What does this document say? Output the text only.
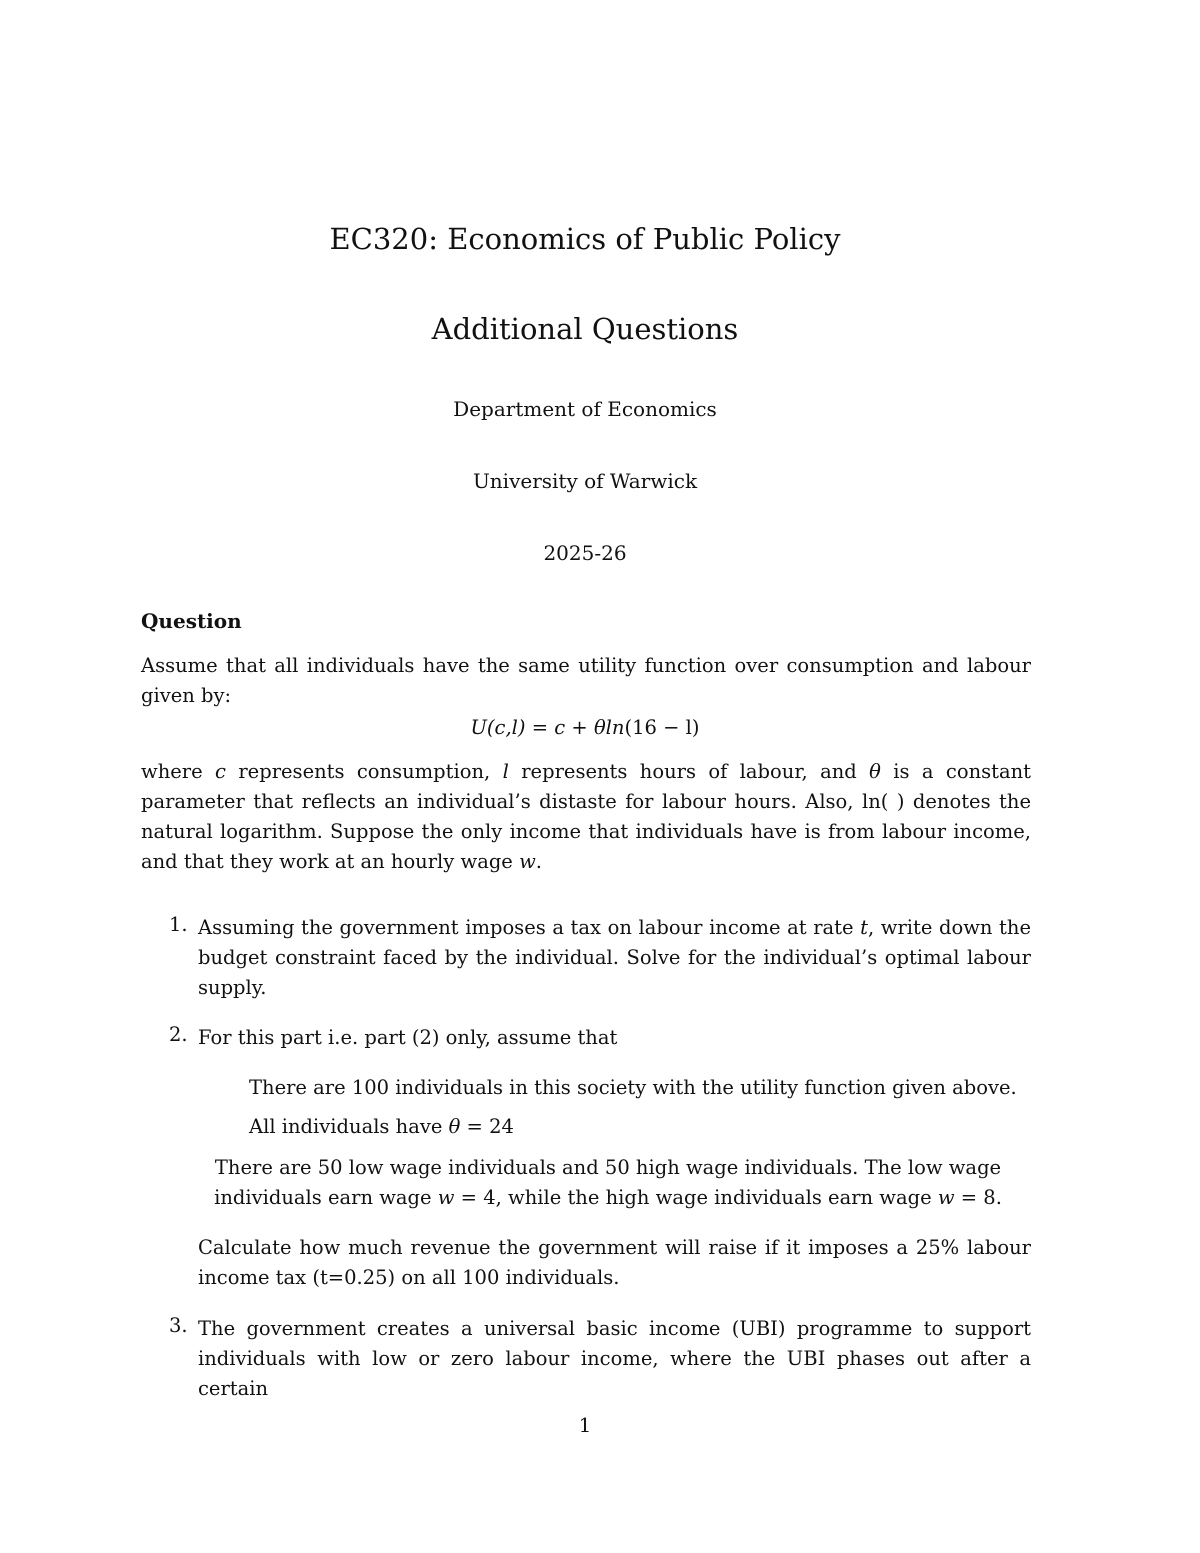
EC320: Economics of Public Policy
Additional Questions
Department of Economics
University of Warwick
2025-26
Question

Assume that all individuals have the same utility function over consumption and labour given by:

U(c,l) = c + θln(16 − l)

where c represents consumption, l represents hours of labour, and θ is a constant parameter that reflects an individual’s distaste for labour hours. Also, ln( ) denotes the natural logarithm. Suppose the only income that individuals have is from labour income, and that they work at an hourly wage w.

1. Assuming the government imposes a tax on labour income at rate t, write down the budget constraint faced by the individual. Solve for the individual’s optimal labour supply.

2. For this part i.e. part (2) only, assume that

There are 100 individuals in this society with the utility function given above.

All individuals have θ = 24

There are 50 low wage individuals and 50 high wage individuals. The low wage individuals earn wage w = 4, while the high wage individuals earn wage w = 8.

Calculate how much revenue the government will raise if it imposes a 25% labour income tax (t=0.25) on all 100 individuals.

3. The government creates a universal basic income (UBI) programme to support individuals with low or zero labour income, where the UBI phases out after a certain

1
